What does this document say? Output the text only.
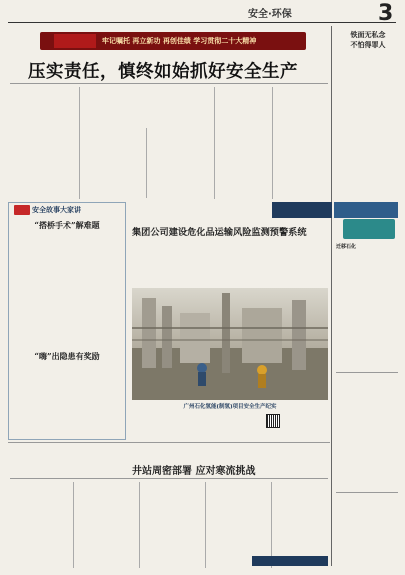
安全·环保	3
牢记嘱托 再立新功 再创佳绩 学习贯彻二十大精神
压实责任，慎终如始抓好安全生产

铁面无私念
不怕得罪人

迁移石化

安全故事大家讲
“搭桥手术”解难题

“嗨”出隐患有奖励

集团公司建设危化品运输风险监测预警系统

广州石化氢能(制氢)项目安全生产纪实

井站周密部署 应对寒流挑战
